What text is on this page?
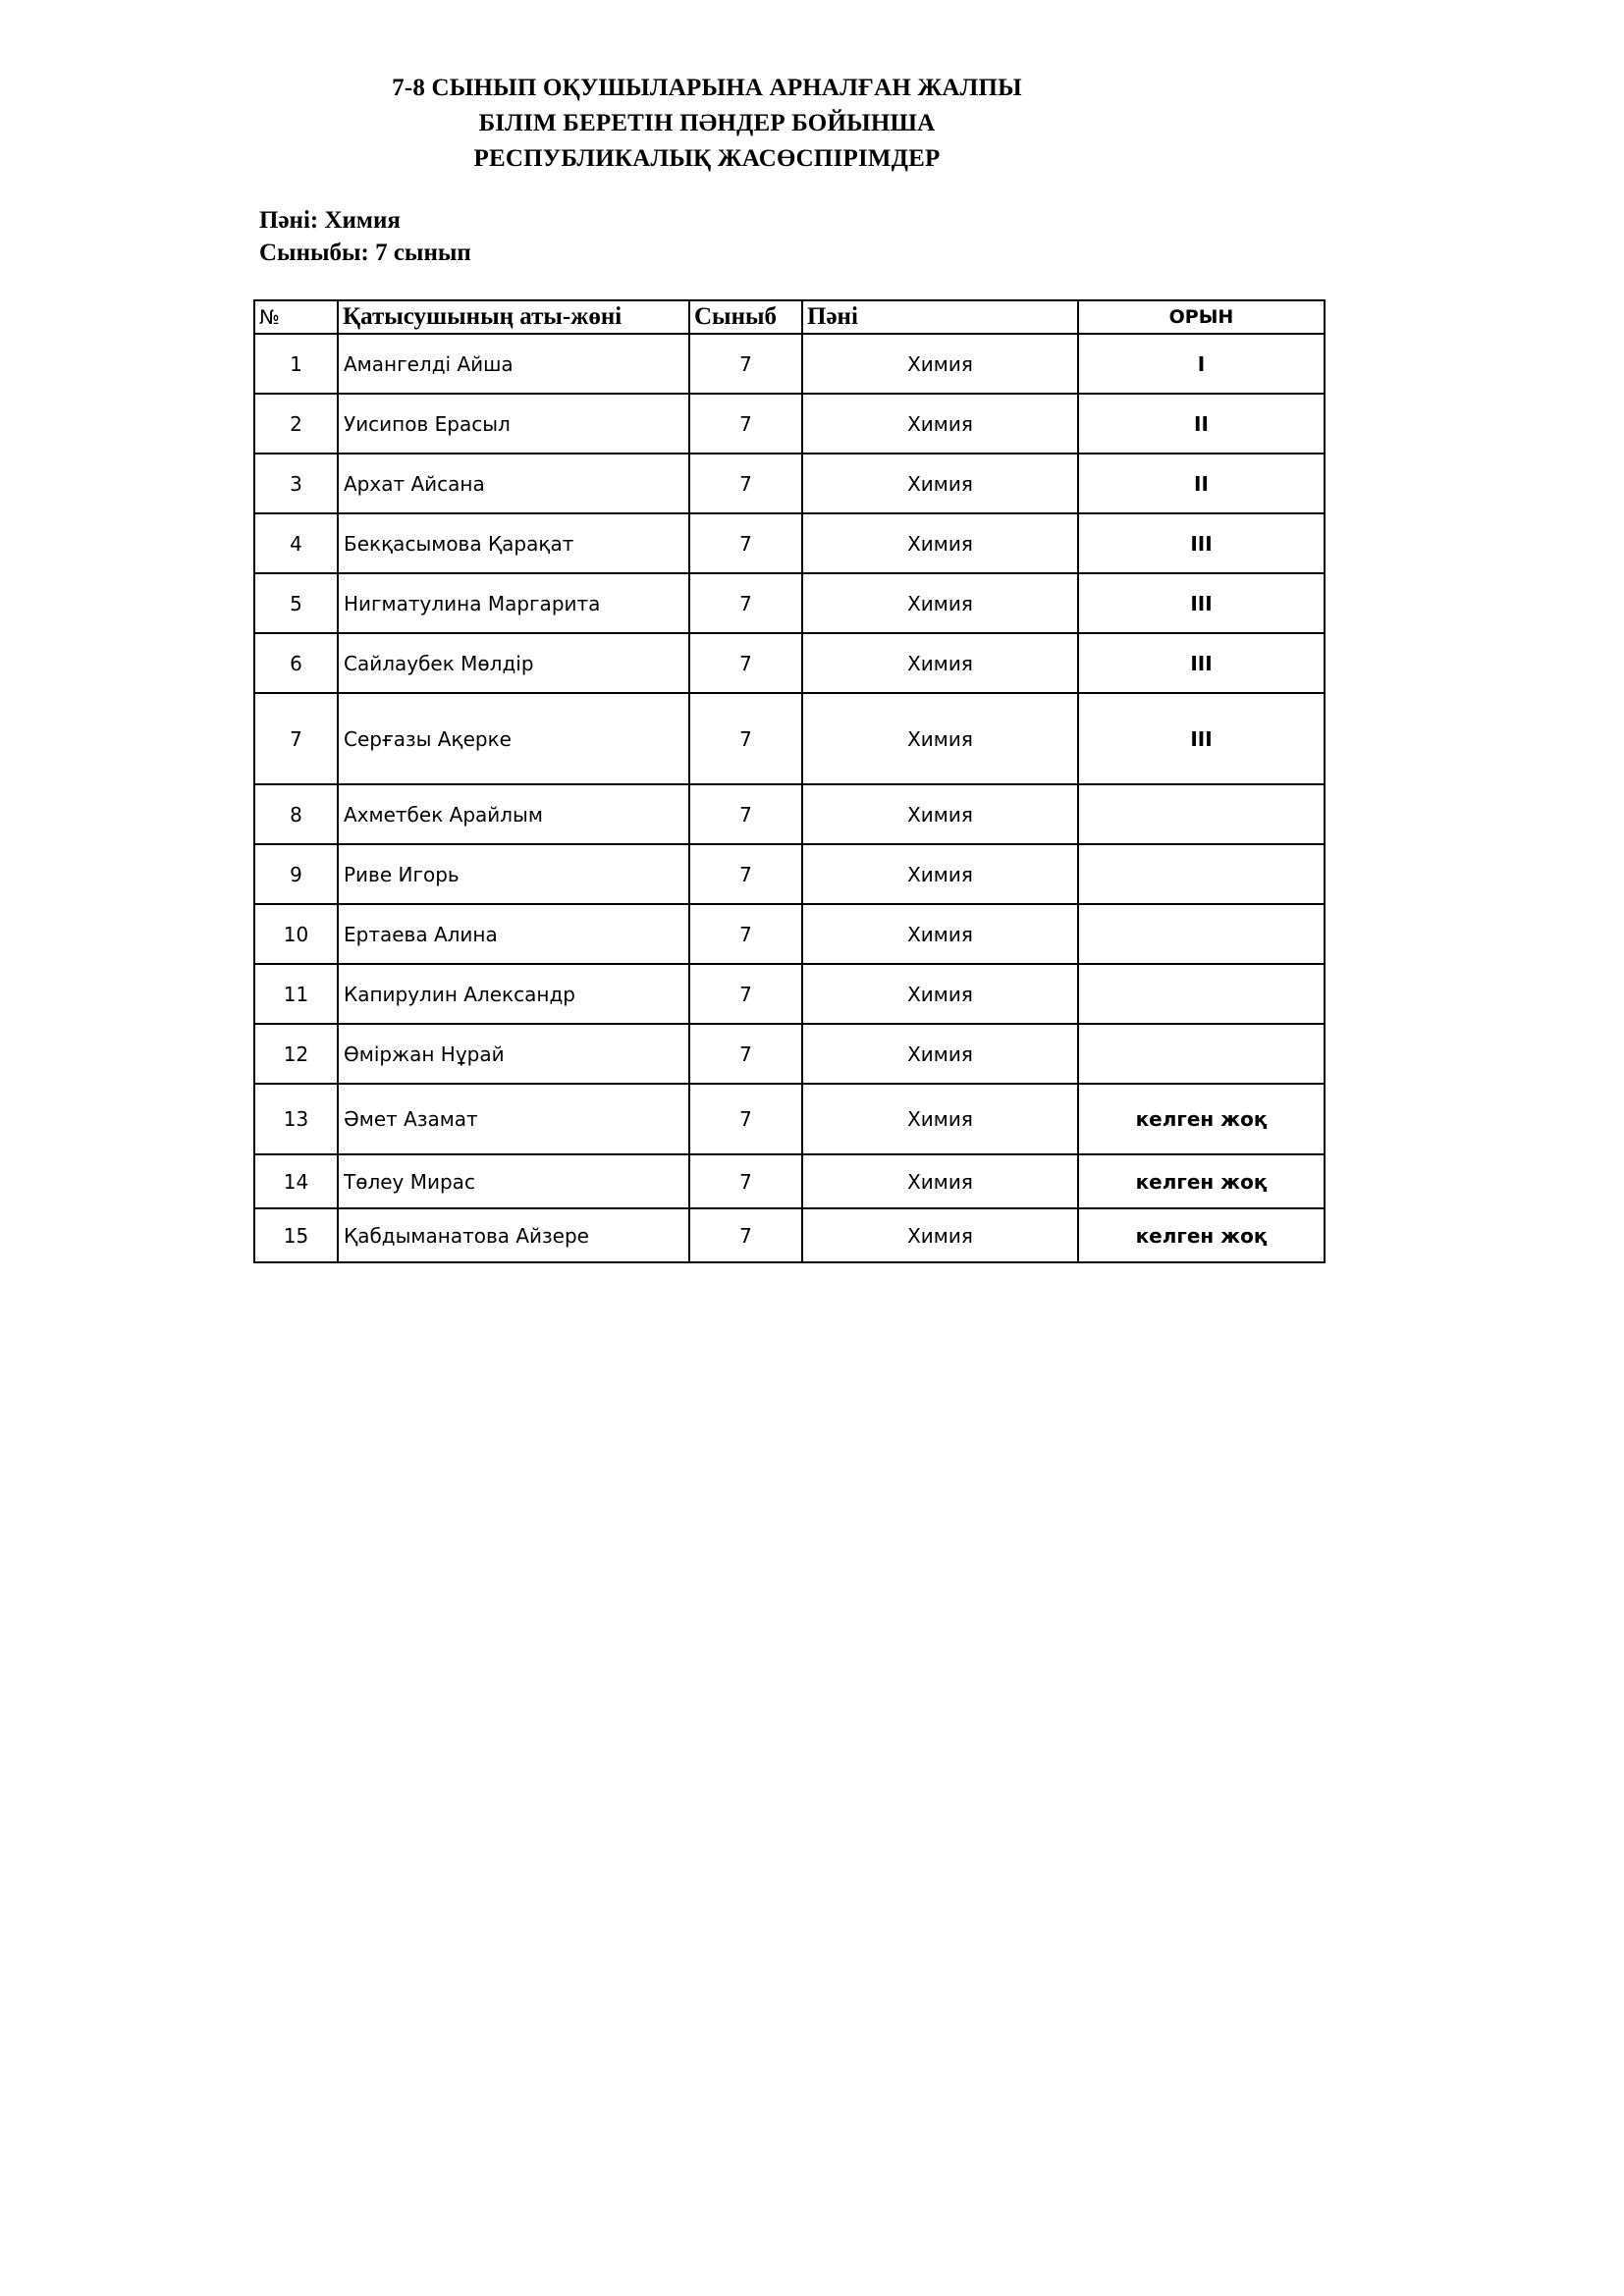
7-8 СЫНЫП ОҚУШЫЛАРЫНА АРНАЛҒАН ЖАЛПЫ
БІЛІМ БЕРЕТІН ПӘНДЕР БОЙЫНША
РЕСПУБЛИКАЛЫҚ ЖАСӨСПІРІМДЕР
Пәні: Химия
Сыныбы: 7 сынып
№	Қатысушының аты-жөні	Сыныб	Пәні	ОРЫН
1	Амангелді Айша	7	Химия	I
2	Уисипов Ерасыл	7	Химия	II
3	Архат Айсана	7	Химия	II
4	Бекқасымова Қарақат	7	Химия	III
5	Нигматулина Маргарита	7	Химия	III
6	Сайлаубек Мөлдір	7	Химия	III
7	Серғазы Ақерке	7	Химия	III
8	Ахметбек Арайлым	7	Химия	
9	Риве Игорь	7	Химия	
10	Ертаева Алина	7	Химия	
11	Капирулин Александр	7	Химия	
12	Өміржан Нұрай	7	Химия	
13	Әмет Азамат	7	Химия	келген жоқ
14	Төлеу Мирас	7	Химия	келген жоқ
15	Қабдыманатова Айзере	7	Химия	келген жоқ
